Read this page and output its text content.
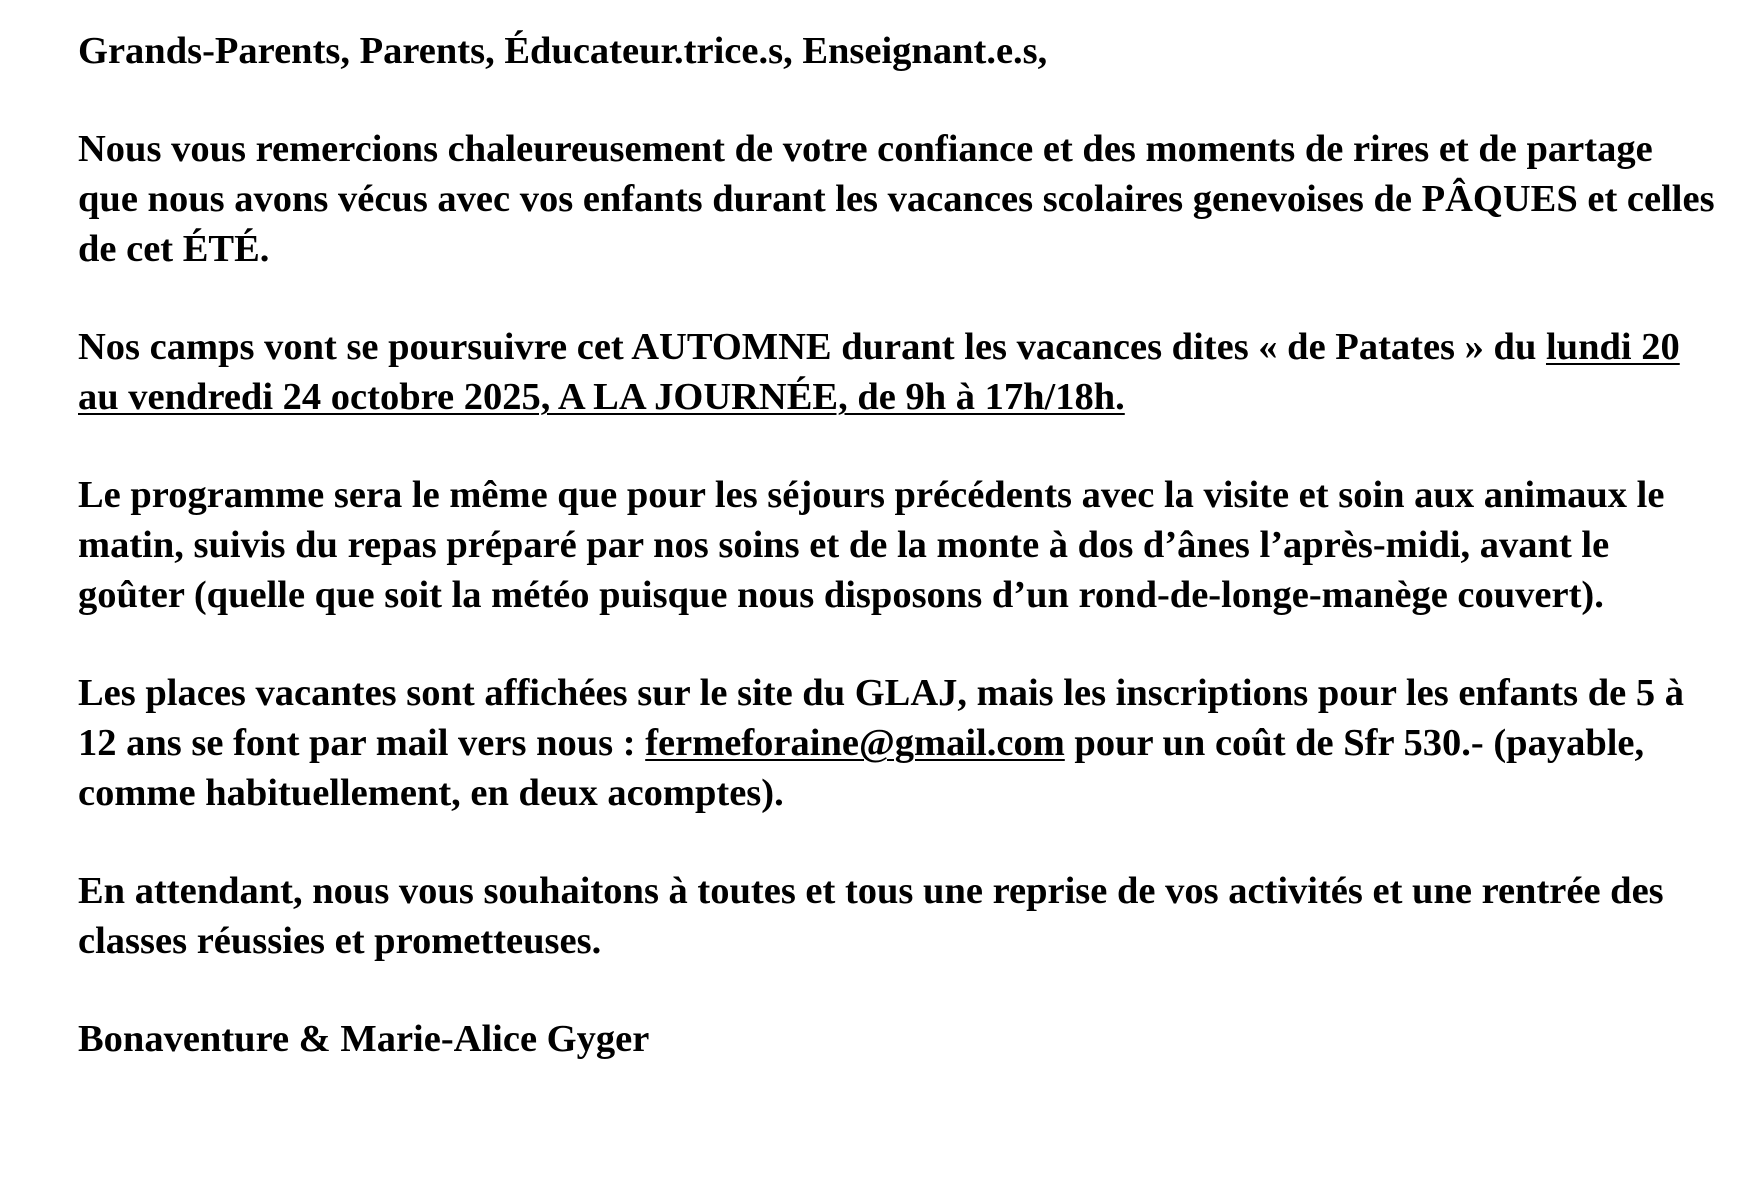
Grands-Parents, Parents, Éducateur.trice.s, Enseignant.e.s,

Nous vous remercions chaleureusement de votre confiance et des moments de rires et de partage que nous avons vécus avec vos enfants durant les vacances scolaires genevoises de PÂQUES et celles de cet ÉTÉ.

Nos camps vont se poursuivre cet AUTOMNE durant les vacances dites « de Patates » du lundi 20 au vendredi 24 octobre 2025, A LA JOURNÉE, de 9h à 17h/18h.

Le programme sera le même que pour les séjours précédents avec la visite et soin aux animaux le matin, suivis du repas préparé par nos soins et de la monte à dos d’ânes l’après-midi, avant le goûter (quelle que soit la météo puisque nous disposons d’un rond-de-longe-manège couvert).

Les places vacantes sont affichées sur le site du GLAJ, mais les inscriptions pour les enfants de 5 à 12 ans se font par mail vers nous : fermeforaine@gmail.com pour un coût de Sfr 530.- (payable, comme habituellement, en deux acomptes).

En attendant, nous vous souhaitons à toutes et tous une reprise de vos activités et une rentrée des classes réussies et prometteuses.

Bonaventure & Marie-Alice Gyger
